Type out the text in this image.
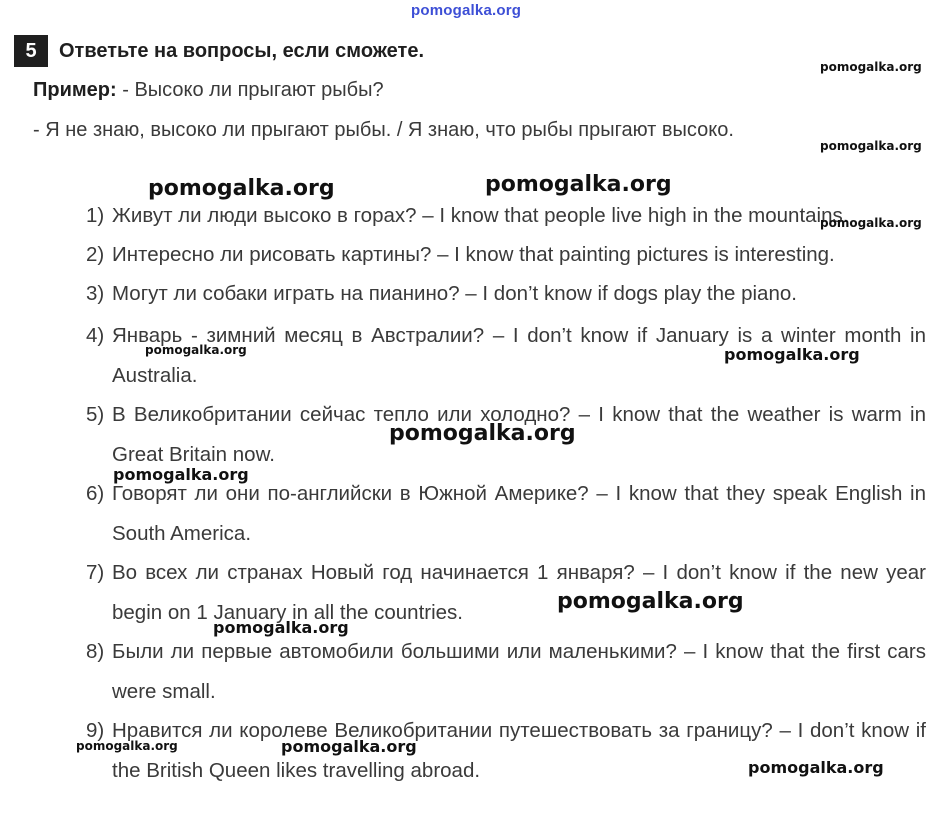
pomogalka.org
5	Ответьте на вопросы, если сможете.
Пример: - Высоко ли прыгают рыбы?
- Я не знаю, высоко ли прыгают рыбы. / Я знаю, что рыбы прыгают высоко.
1) Живут ли люди высоко в горах? – I know that people live high in the mountains.
2) Интересно ли рисовать картины? – I know that painting pictures is interesting.
3) Могут ли собаки играть на пианино? – I don’t know if dogs play the piano.
4) Январь - зимний месяц в Австралии? – I don’t know if January is a winter month in Australia.
5) В Великобритании сейчас тепло или холодно? – I know that the weather is warm in Great Britain now.
6) Говорят ли они по-английски в Южной Америке? – I know that they speak English in South America.
7) Во всех ли странах Новый год начинается 1 января? – I don’t know if the new year begin on 1 January in all the countries.
8) Были ли первые автомобили большими или маленькими? – I know that the first cars were small.
9) Нравится ли королеве Великобритании путешествовать за границу? – I don’t know if the British Queen likes travelling abroad.
pomogalka.org
pomogalka.org
pomogalka.org	pomogalka.org
pomogalka.org
pomogalka.org	pomogalka.org
pomogalka.org
pomogalka.org
pomogalka.org
pomogalka.org
pomogalka.org	pomogalka.org
pomogalka.org
